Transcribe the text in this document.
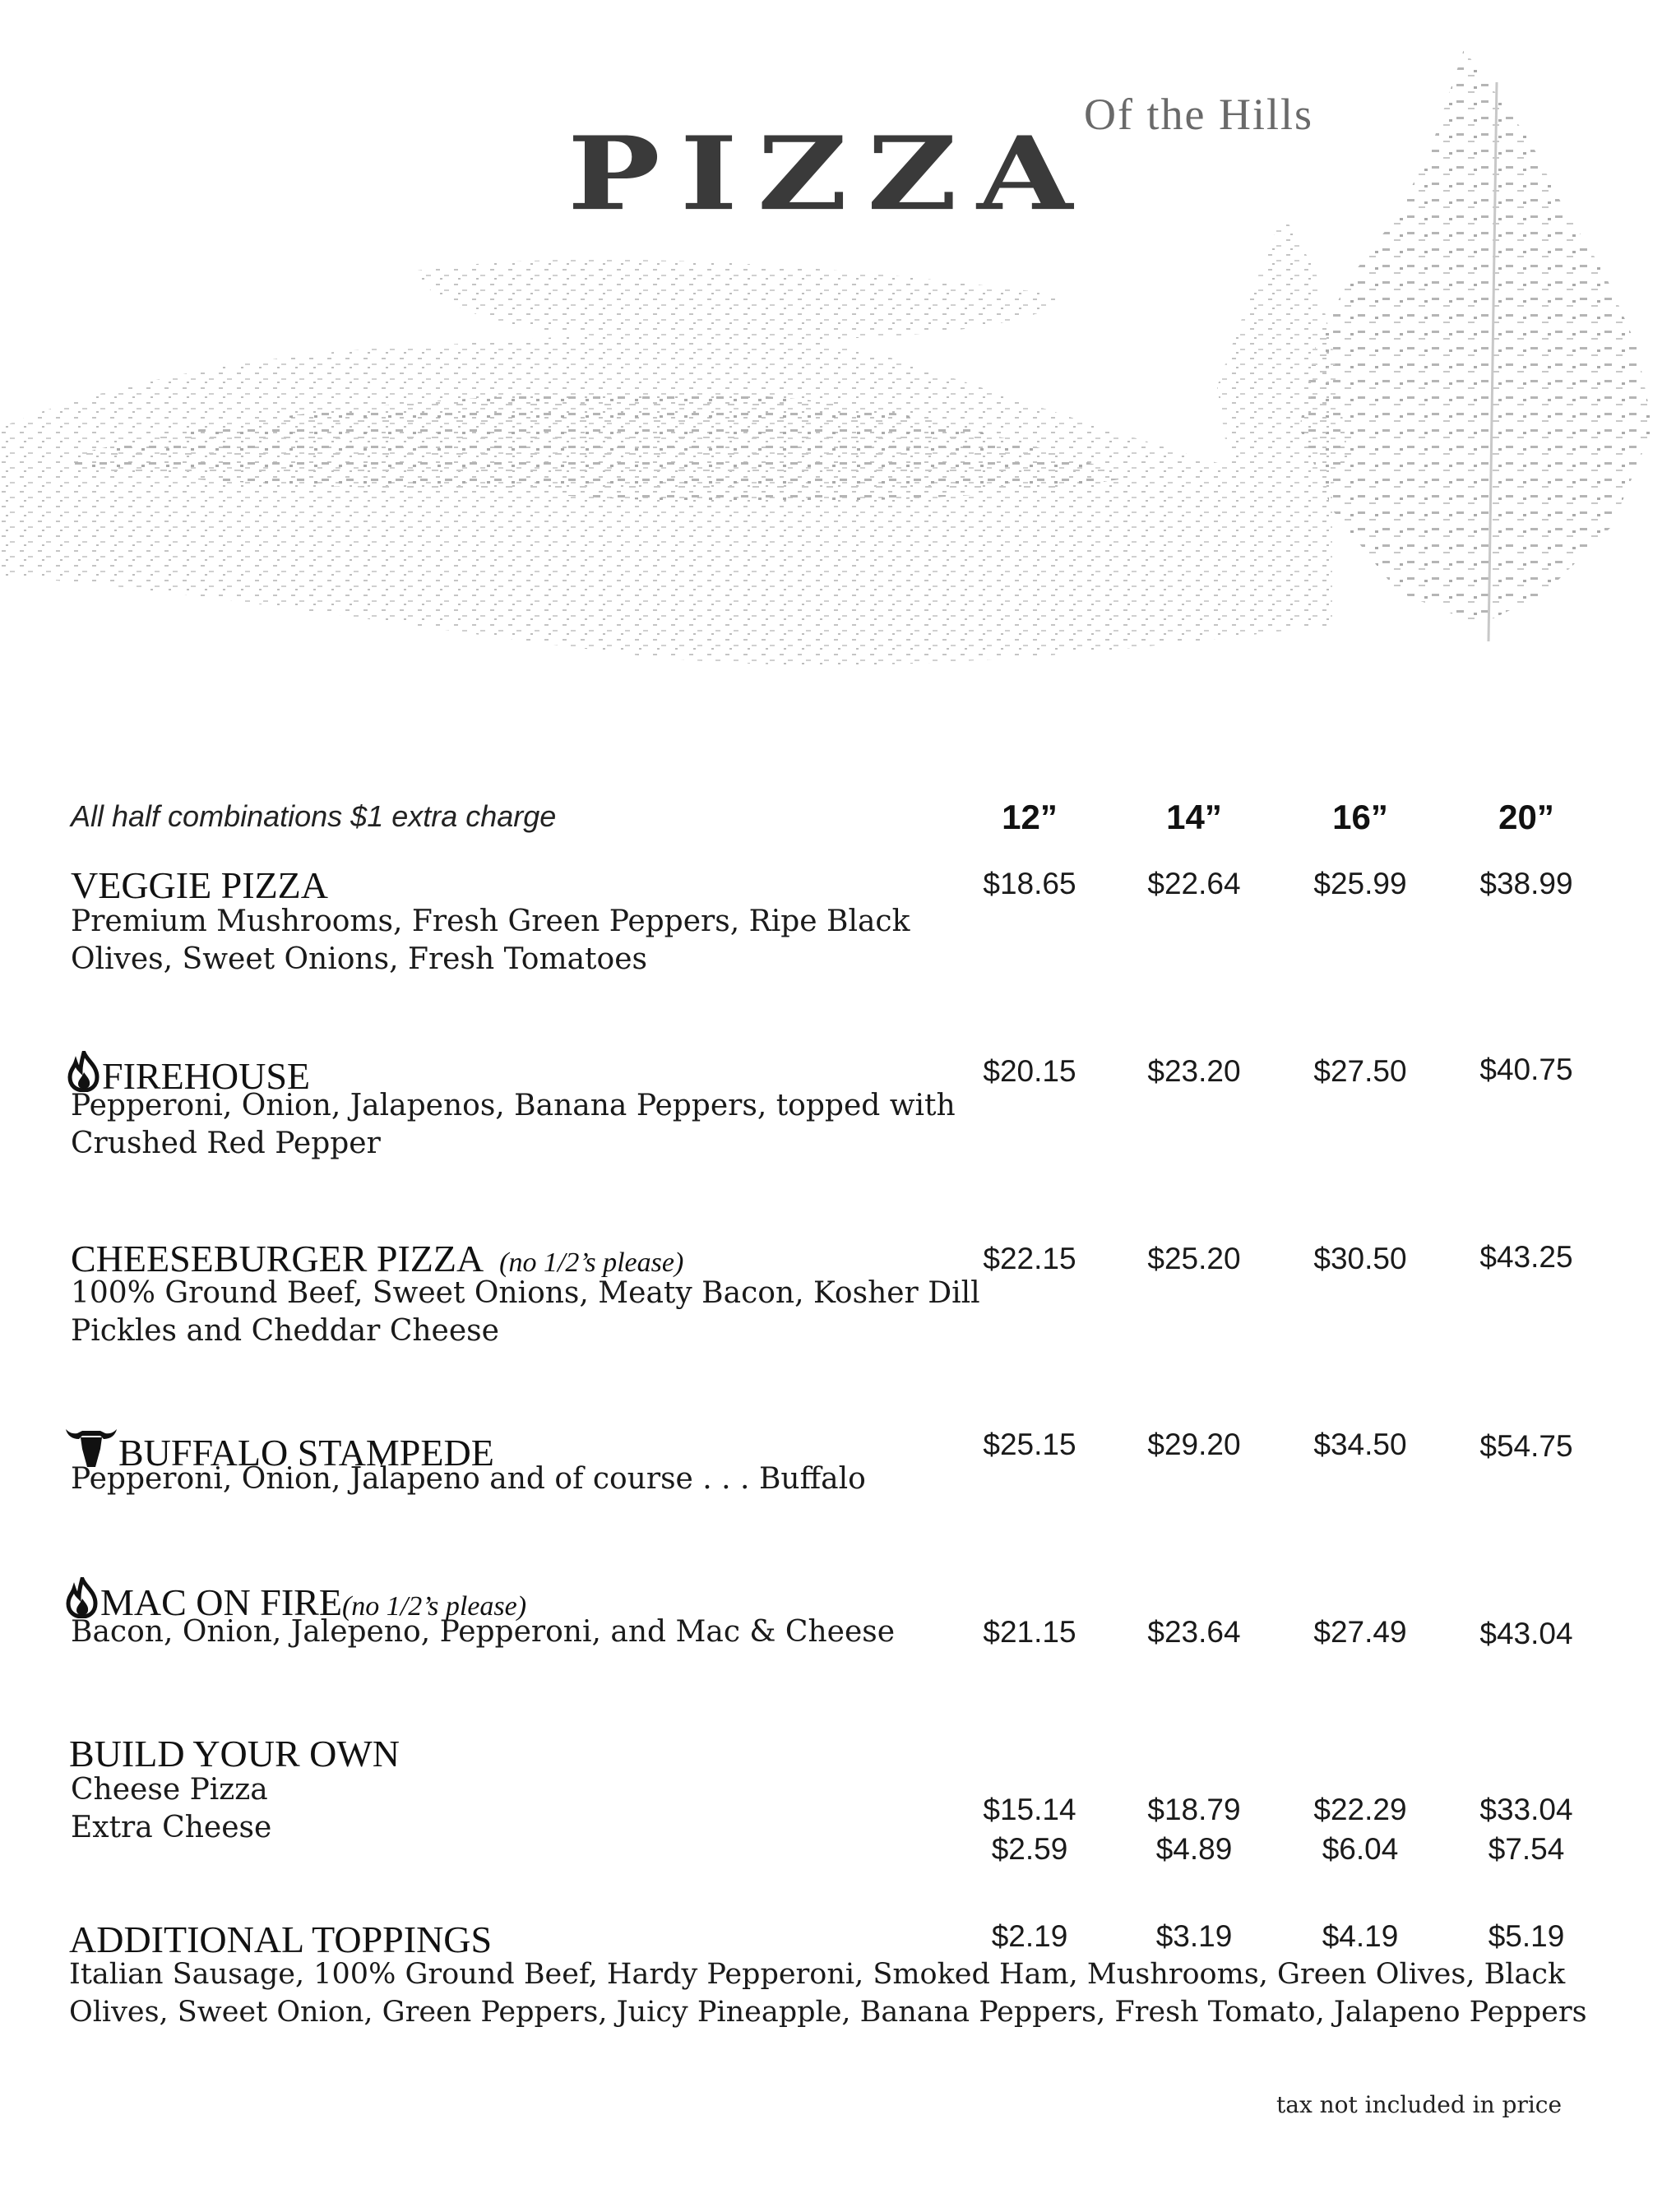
PIZZA
Of the Hills
All half combinations $1 extra charge	12”	14”	16”	20”
VEGGIE PIZZA
Premium Mushrooms, Fresh Green Peppers, Ripe Black
Olives, Sweet Onions, Fresh Tomatoes
$18.65	$22.64	$25.99	$38.99
FIREHOUSE
Pepperoni, Onion, Jalapenos, Banana Peppers, topped with
Crushed Red Pepper
$20.15	$23.20	$27.50	$40.75
CHEESEBURGER PIZZA (no 1/2’s please)
100% Ground Beef, Sweet Onions, Meaty Bacon, Kosher Dill
Pickles and Cheddar Cheese
$22.15	$25.20	$30.50	$43.25
BUFFALO STAMPEDE
Pepperoni, Onion, Jalapeno and of course . . . Buffalo
$25.15	$29.20	$34.50	$54.75
MAC ON FIRE(no 1/2’s please)
Bacon, Onion, Jalepeno, Pepperoni, and Mac & Cheese	$21.15	$23.64	$27.49	$43.04
BUILD YOUR OWN
Cheese Pizza
Extra Cheese
$15.14	$18.79	$22.29	$33.04
$2.59	$4.89	$6.04	$7.54
ADDITIONAL TOPPINGS
Italian Sausage, 100% Ground Beef, Hardy Pepperoni, Smoked Ham, Mushrooms, Green Olives, Black
Olives, Sweet Onion, Green Peppers, Juicy Pineapple, Banana Peppers, Fresh Tomato, Jalapeno Peppers
$2.19	$3.19	$4.19	$5.19
tax not included in price
